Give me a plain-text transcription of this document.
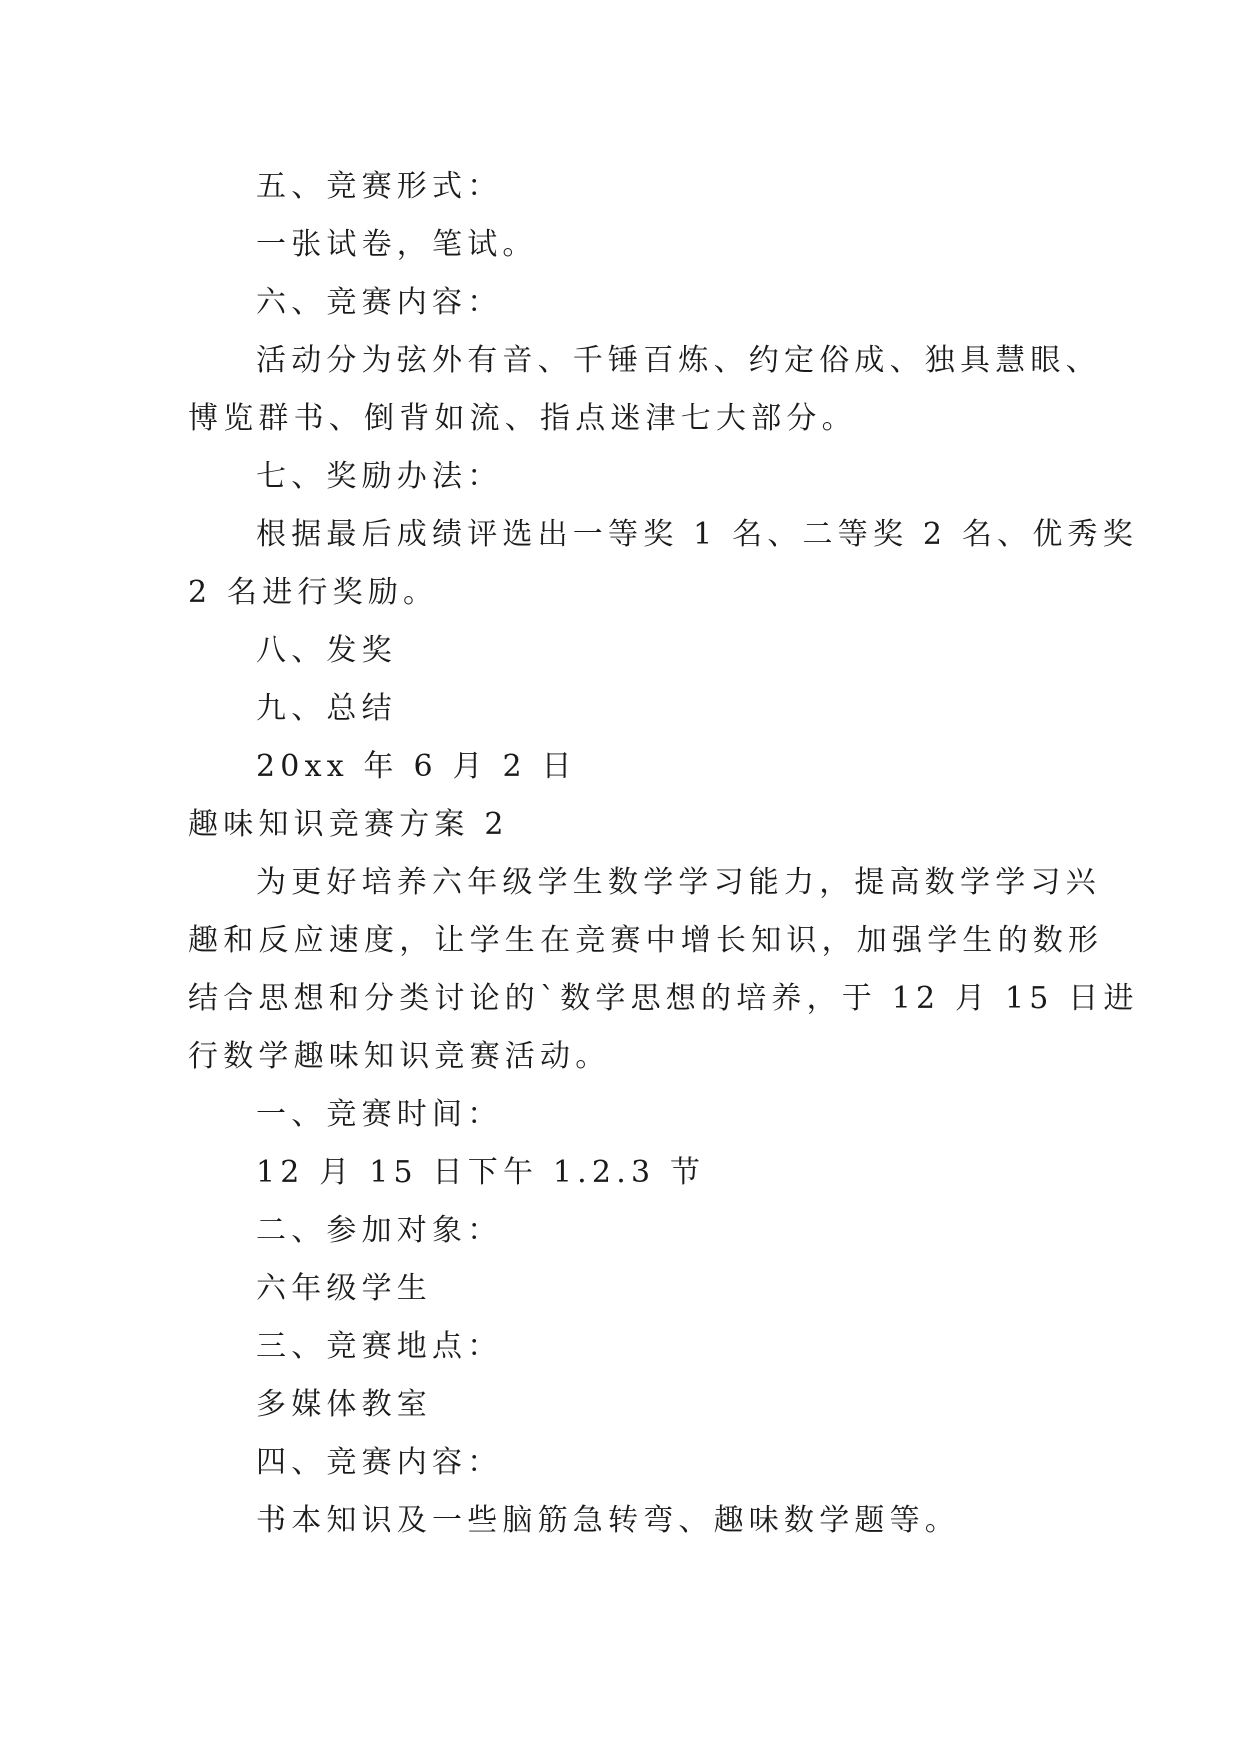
五、竞赛形式：

一张试卷，笔试。

六、竞赛内容：

活动分为弦外有音、千锤百炼、约定俗成、独具慧眼、

博览群书、倒背如流、指点迷津七大部分。

七、奖励办法：

根据最后成绩评选出一等奖 1 名、二等奖 2 名、优秀奖

2 名进行奖励。

八、发奖

九、总结

20xx 年 6 月 2 日

趣味知识竞赛方案 2

为更好培养六年级学生数学学习能力，提高数学学习兴

趣和反应速度，让学生在竞赛中增长知识，加强学生的数形

结合思想和分类讨论的`数学思想的培养，于 12 月 15 日进

行数学趣味知识竞赛活动。

一、竞赛时间：

12 月 15 日下午 1.2.3 节

二、参加对象：

六年级学生

三、竞赛地点：

多媒体教室

四、竞赛内容：

书本知识及一些脑筋急转弯、趣味数学题等。
